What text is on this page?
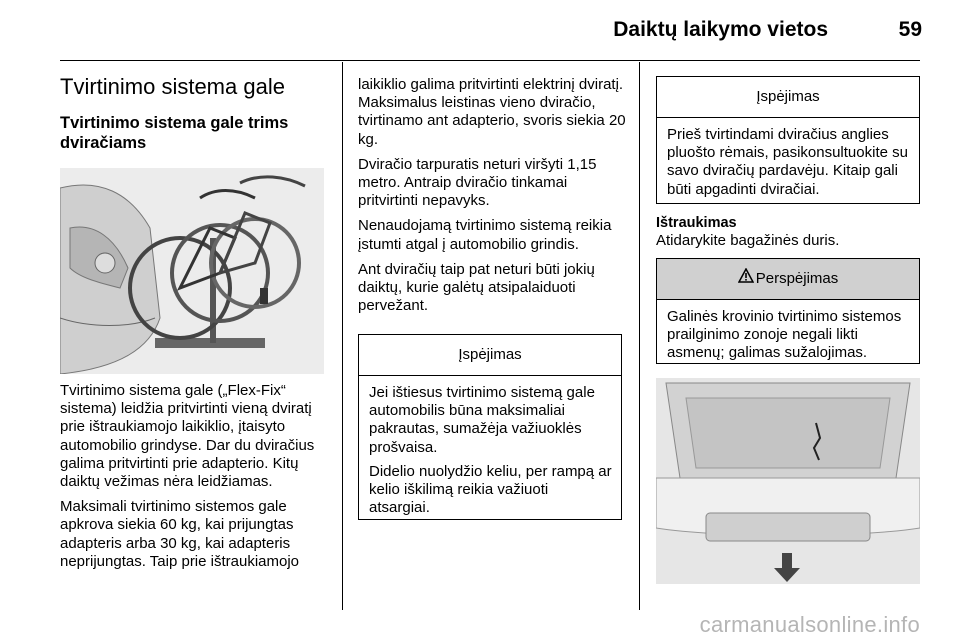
Daiktų laikymo vietos	59
Tvirtinimo sistema gale
Tvirtinimo sistema gale trims dviračiams

Tvirtinimo sistema gale („Flex-Fix“ sistema) leidžia pritvirtinti vieną dviratį prie ištraukiamojo laikiklio, įtaisyto automobilio grindyse. Dar du dviračius galima pritvirtinti prie adapterio. Kitų daiktų vežimas nėra leidžiamas.

Maksimali tvirtinimo sistemos gale apkrova siekia 60 kg, kai prijungtas adapteris arba 30 kg, kai adapteris neprijungtas. Taip prie ištraukiamojo

laikiklio galima pritvirtinti elektrinį dviratį. Maksimalus leistinas vieno dviračio, tvirtinamo ant adapterio, svoris siekia 20 kg.

Dviračio tarpuratis neturi viršyti 1,15 metro. Antraip dviračio tinkamai pritvirtinti nepavyks.

Nenaudojamą tvirtinimo sistemą reikia įstumti atgal į automobilio grindis.

Ant dviračių taip pat neturi būti jokių daiktų, kurie galėtų atsipalaiduoti pervežant.

Įspėjimas

Jei ištiesus tvirtinimo sistemą gale automobilis būna maksimaliai pakrautas, sumažėja važiuoklės prošvaisa.

Didelio nuolydžio keliu, per rampą ar kelio iškilimą reikia važiuoti atsargiai.

Įspėjimas

Prieš tvirtindami dviračius anglies pluošto rėmais, pasikonsultuokite su savo dviračių pardavėju. Kitaip gali būti apgadinti dviračiai.

Ištraukimas
Atidarykite bagažinės duris.
Perspėjimas

Galinės krovinio tvirtinimo sistemos prailginimo zonoje negali likti asmenų; galimas sužalojimas.

carmanualsonline.info
